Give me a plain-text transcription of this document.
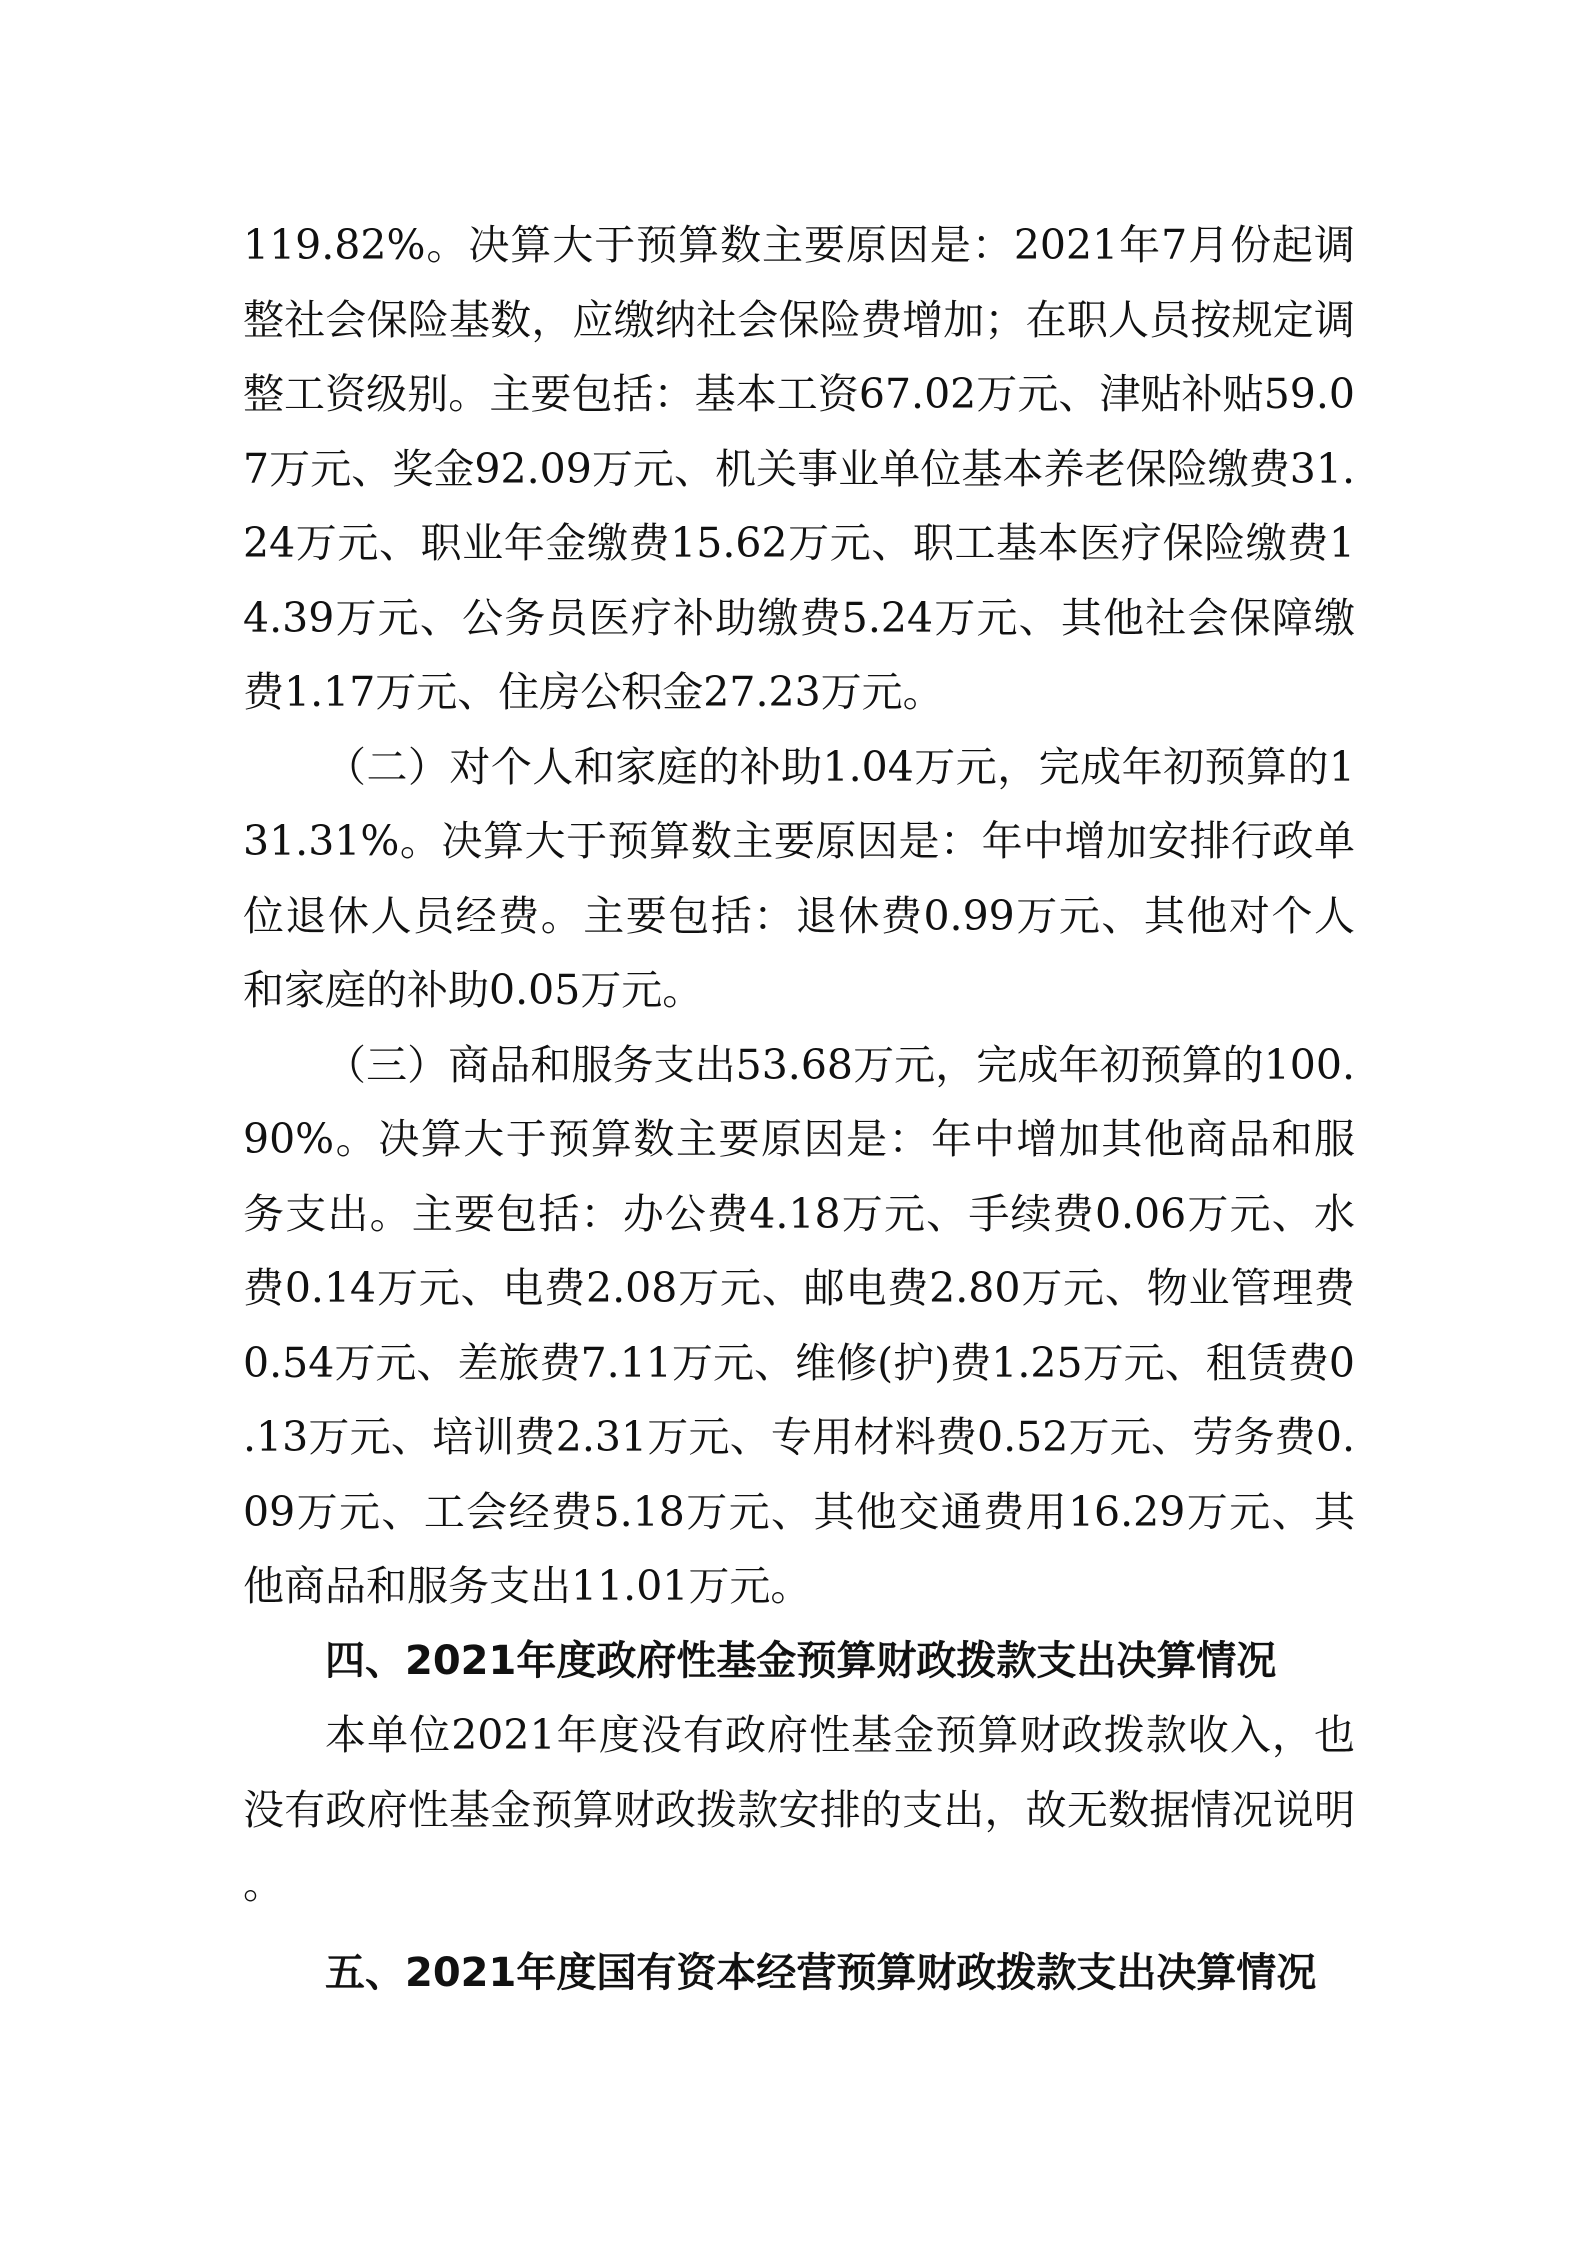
119.82%。决算大于预算数主要原因是：2021年7月份起调整社会保险基数，应缴纳社会保险费增加；在职人员按规定调整工资级别。主要包括：基本工资67.02万元、津贴补贴59.07万元、奖金92.09万元、机关事业单位基本养老保险缴费31.24万元、职业年金缴费15.62万元、职工基本医疗保险缴费14.39万元、公务员医疗补助缴费5.24万元、其他社会保障缴费1.17万元、住房公积金27.23万元。

（二）对个人和家庭的补助1.04万元，完成年初预算的131.31%。决算大于预算数主要原因是：年中增加安排行政单位退休人员经费。主要包括：退休费0.99万元、其他对个人和家庭的补助0.05万元。

（三）商品和服务支出53.68万元，完成年初预算的100.90%。决算大于预算数主要原因是：年中增加其他商品和服务支出。主要包括：办公费4.18万元、手续费0.06万元、水费0.14万元、电费2.08万元、邮电费2.80万元、物业管理费0.54万元、差旅费7.11万元、维修(护)费1.25万元、租赁费0.13万元、培训费2.31万元、专用材料费0.52万元、劳务费0.09万元、工会经费5.18万元、其他交通费用16.29万元、其他商品和服务支出11.01万元。

四、2021年度政府性基金预算财政拨款支出决算情况

本单位2021年度没有政府性基金预算财政拨款收入，也没有政府性基金预算财政拨款安排的支出，故无数据情况说明。

五、2021年度国有资本经营预算财政拨款支出决算情况
